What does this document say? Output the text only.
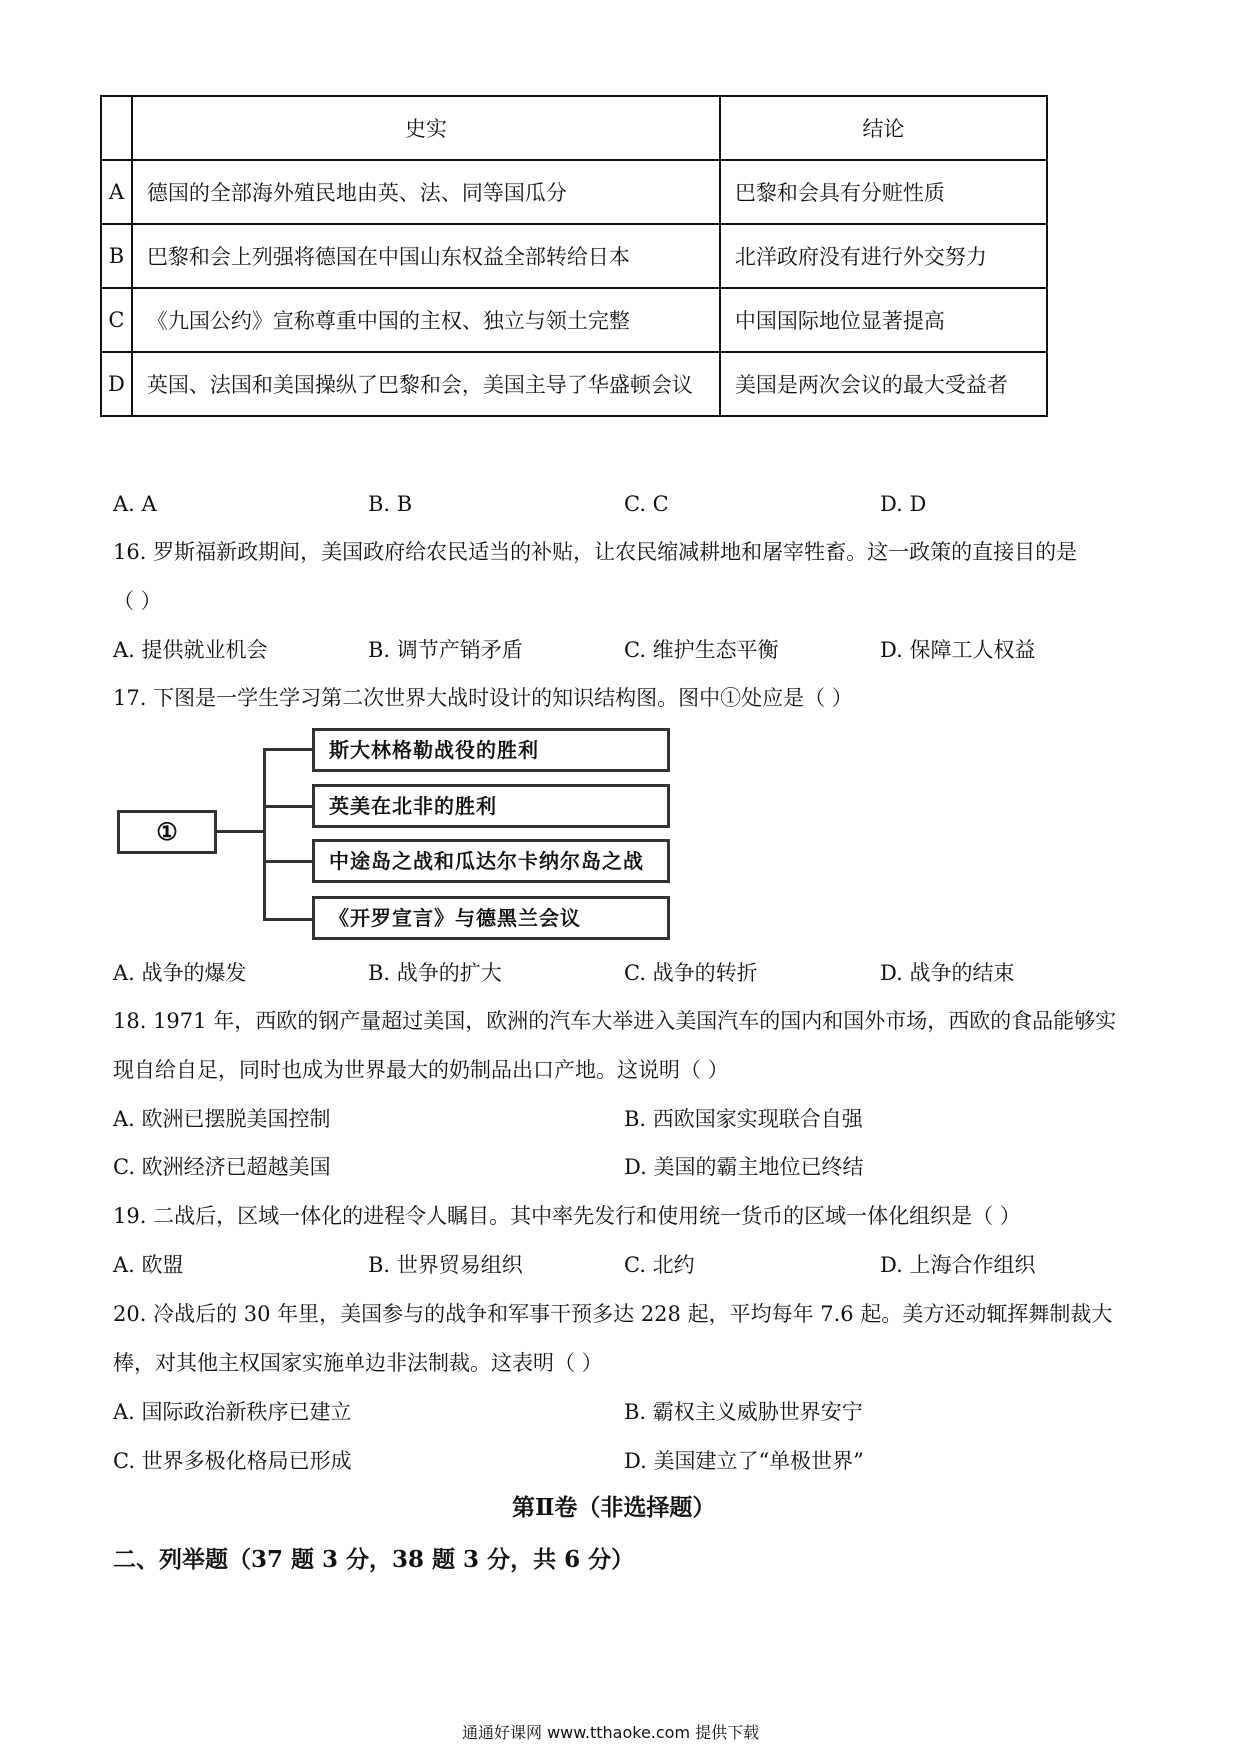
	史实	结论
A	德国的全部海外殖民地由英、法、同等国瓜分	巴黎和会具有分赃性质
B	巴黎和会上列强将德国在中国山东权益全部转给日本	北洋政府没有进行外交努力
C	《九国公约》宣称尊重中国的主权、独立与领土完整	中国国际地位显著提高
D	英国、法国和美国操纵了巴黎和会，美国主导了华盛顿会议	美国是两次会议的最大受益者
A. A	B. B	C. C	D. D
16. 罗斯福新政期间，美国政府给农民适当的补贴，让农民缩减耕地和屠宰牲畜。这一政策的直接目的是
（ ）
A. 提供就业机会	B. 调节产销矛盾	C. 维护生态平衡	D. 保障工人权益
17. 下图是一学生学习第二次世界大战时设计的知识结构图。图中①处应是（ ）
①
斯大林格勒战役的胜利
英美在北非的胜利
中途岛之战和瓜达尔卡纳尔岛之战
《开罗宣言》与德黑兰会议
A. 战争的爆发	B. 战争的扩大	C. 战争的转折	D. 战争的结束
18. 1971 年，西欧的钢产量超过美国，欧洲的汽车大举进入美国汽车的国内和国外市场，西欧的食品能够实
现自给自足，同时也成为世界最大的奶制品出口产地。这说明（ ）
A. 欧洲已摆脱美国控制	B. 西欧国家实现联合自强
C. 欧洲经济已超越美国	D. 美国的霸主地位已终结
19. 二战后，区域一体化的进程令人瞩目。其中率先发行和使用统一货币的区域一体化组织是（ ）
A. 欧盟	B. 世界贸易组织	C. 北约	D. 上海合作组织
20. 冷战后的 30 年里，美国参与的战争和军事干预多达 228 起，平均每年 7.6 起。美方还动辄挥舞制裁大
棒，对其他主权国家实施单边非法制裁。这表明（ ）
A. 国际政治新秩序已建立	B. 霸权主义威胁世界安宁
C. 世界多极化格局已形成	D. 美国建立了“单极世界”
第Ⅱ卷（非选择题）
二、列举题（37 题 3 分，38 题 3 分，共 6 分）
通通好课网 www.tthaoke.com 提供下载
